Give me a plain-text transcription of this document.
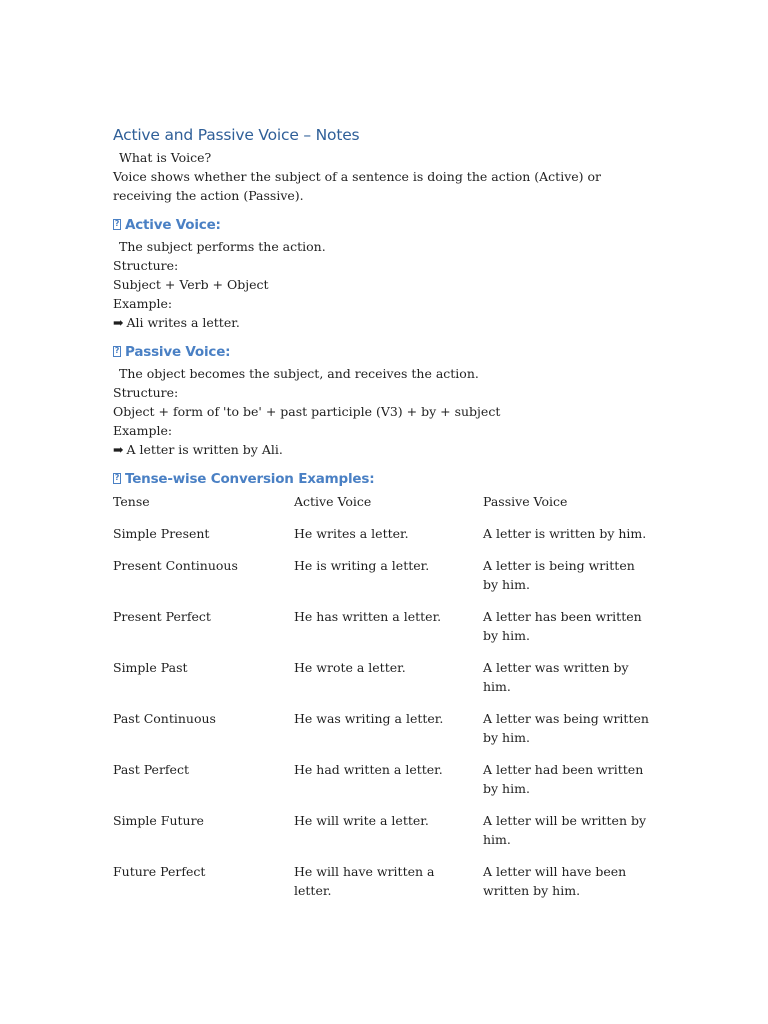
Active and Passive Voice – Notes

What is Voice?

Voice shows whether the subject of a sentence is doing the action (Active) or receiving the action (Passive).

?Active Voice:

The subject performs the action.

Structure:

Subject + Verb + Object

Example:

➡ Ali writes a letter.

?Passive Voice:

The object becomes the subject, and receives the action.

Structure:

Object + form of 'to be' + past participle (V3) + by + subject

Example:

➡ A letter is written by Ali.

?Tense-wise Conversion Examples:
Tense	Active Voice	Passive Voice
Simple Present	He writes a letter.	A letter is written by him.
Present Continuous	He is writing a letter.	A letter is being written by him.
Present Perfect	He has written a letter.	A letter has been written by him.
Simple Past	He wrote a letter.	A letter was written by him.
Past Continuous	He was writing a letter.	A letter was being written by him.
Past Perfect	He had written a letter.	A letter had been written by him.
Simple Future	He will write a letter.	A letter will be written by him.
Future Perfect	He will have written a letter.	A letter will have been written by him.
